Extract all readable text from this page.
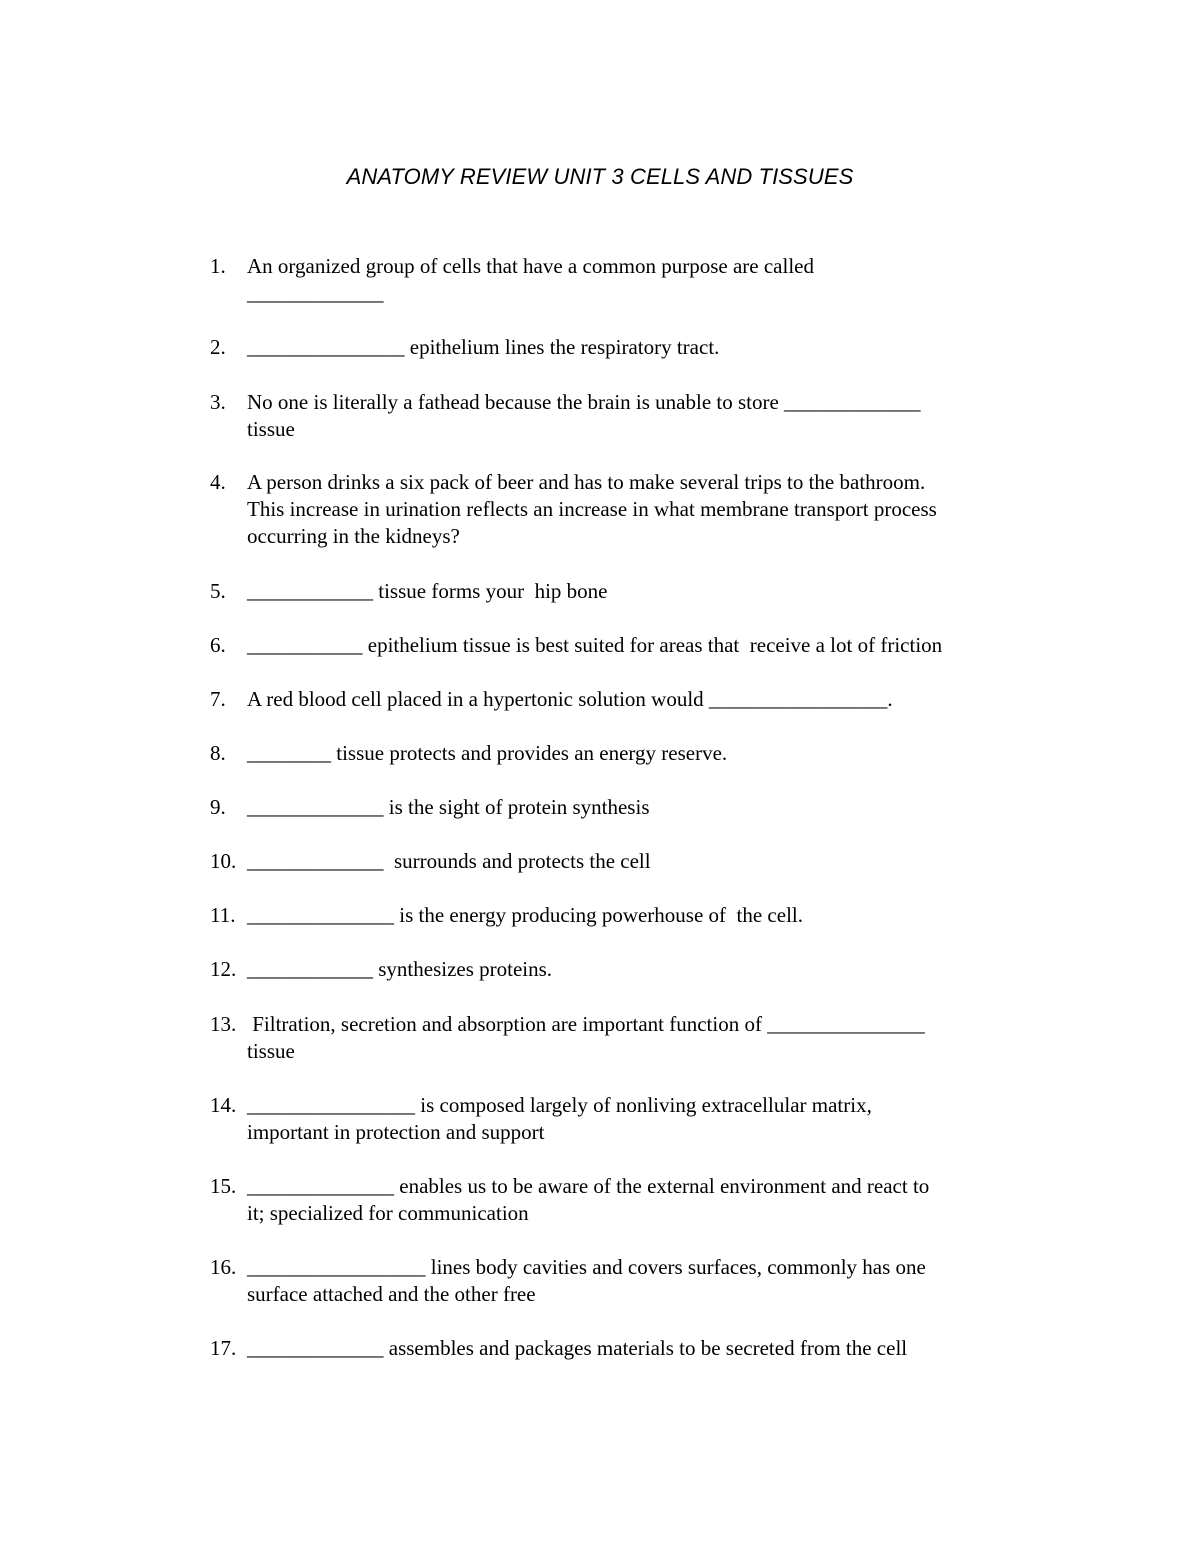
ANATOMY REVIEW UNIT 3 CELLS AND TISSUES
1. An organized group of cells that have a common purpose are called
_____________
2. _______________ epithelium lines the respiratory tract.
3. No one is literally a fathead because the brain is unable to store _____________
tissue
4. A person drinks a six pack of beer and has to make several trips to the bathroom.
This increase in urination reflects an increase in what membrane transport process
occurring in the kidneys?
5. ____________ tissue forms your  hip bone
6. ___________ epithelium tissue is best suited for areas that  receive a lot of friction
7. A red blood cell placed in a hypertonic solution would _________________.
8. ________ tissue protects and provides an energy reserve.
9. _____________ is the sight of protein synthesis
10. _____________  surrounds and protects the cell
11. ______________ is the energy producing powerhouse of  the cell.
12. ____________ synthesizes proteins.
13. Filtration, secretion and absorption are important function of _______________
tissue
14. ________________ is composed largely of nonliving extracellular matrix,
important in protection and support
15. ______________ enables us to be aware of the external environment and react to
it; specialized for communication
16. _________________ lines body cavities and covers surfaces, commonly has one
surface attached and the other free
17. _____________ assembles and packages materials to be secreted from the cell
